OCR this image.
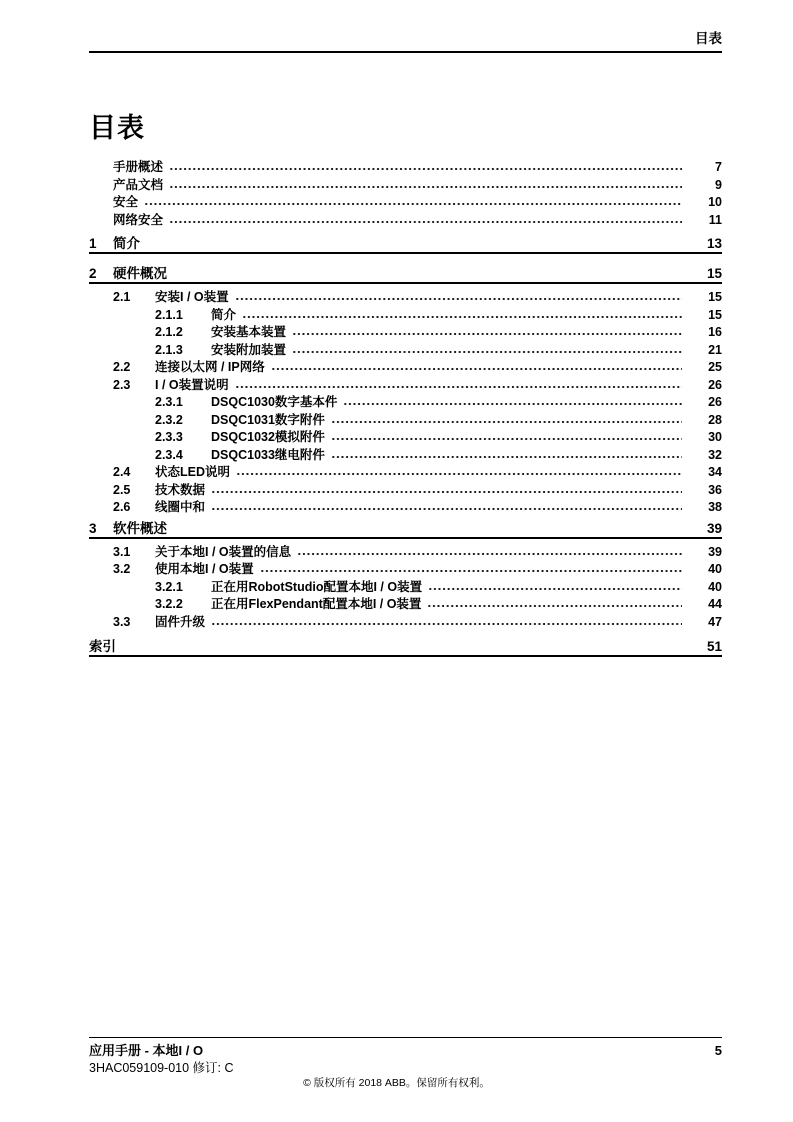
目表
目表
手册概述	7
产品文档	9
安全	10
网络安全	11
1	简介	13
2	硬件概况	15
2.1	安装I / O装置	15
2.1.1	简介	15
2.1.2	安装基本装置	16
2.1.3	安装附加装置	21
2.2	连接以太网 / IP网络	25
2.3	I / O装置说明	26
2.3.1	DSQC1030数字基本件	26
2.3.2	DSQC1031数字附件	28
2.3.3	DSQC1032模拟附件	30
2.3.4	DSQC1033继电附件	32
2.4	状态LED说明	34
2.5	技术数据	36
2.6	线圈中和	38
3	软件概述	39
3.1	关于本地I / O装置的信息	39
3.2	使用本地I / O装置	40
3.2.1	正在用RobotStudio配置本地I / O装置	40
3.2.2	正在用FlexPendant配置本地I / O装置	44
3.3	固件升级	47
索引	51
应用手册 - 本地I / O	5
3HAC059109-010 修订: C
© 版权所有 2018 ABB。保留所有权利。
